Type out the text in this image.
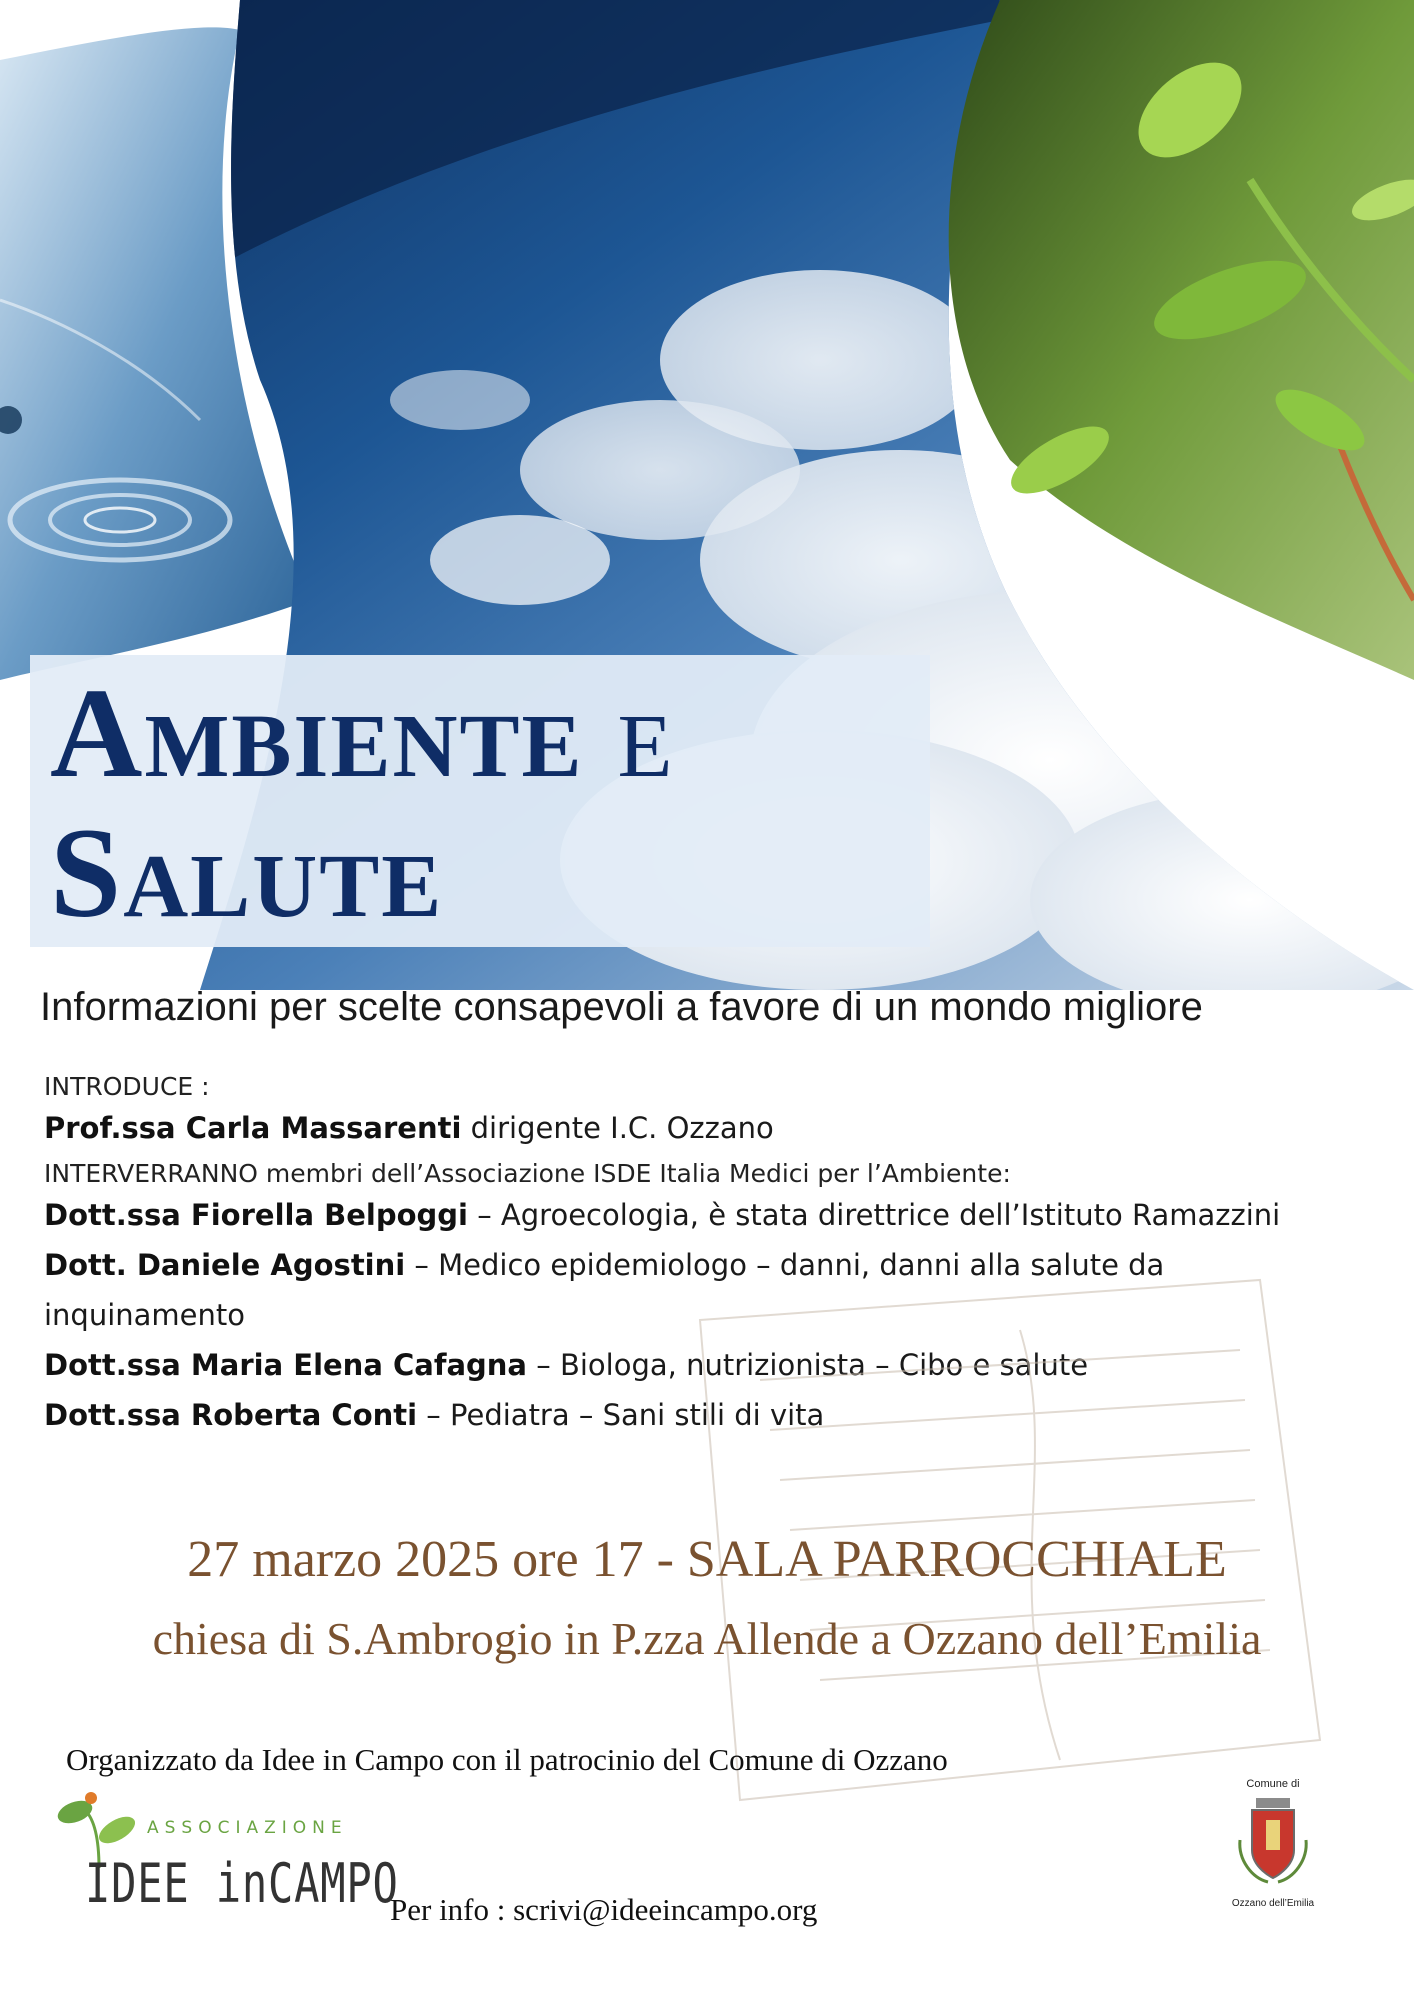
Ambiente e
Salute
Informazioni per scelte consapevoli a favore di un mondo migliore
INTRODUCE :
Prof.ssa Carla Massarenti dirigente I.C. Ozzano
INTERVERRANNO membri dell’Associazione ISDE Italia Medici per l’Ambiente:
Dott.ssa Fiorella Belpoggi – Agroecologia, è stata direttrice dell’Istituto Ramazzini
Dott. Daniele Agostini – Medico epidemiologo – danni, danni alla salute da
inquinamento
Dott.ssa Maria Elena Cafagna – Biologa, nutrizionista – Cibo e salute
Dott.ssa Roberta Conti – Pediatra – Sani stili di vita
27 marzo 2025 ore 17 - SALA PARROCCHIALE
chiesa di S.Ambrogio in P.zza Allende a Ozzano dell’Emilia
Organizzato da Idee in Campo con il patrocinio del Comune di Ozzano
ASSOCIAZIONE
IDEE inCAMPO
Per info : scrivi@ideeincampo.org
Comune di
Ozzano dell’Emilia
